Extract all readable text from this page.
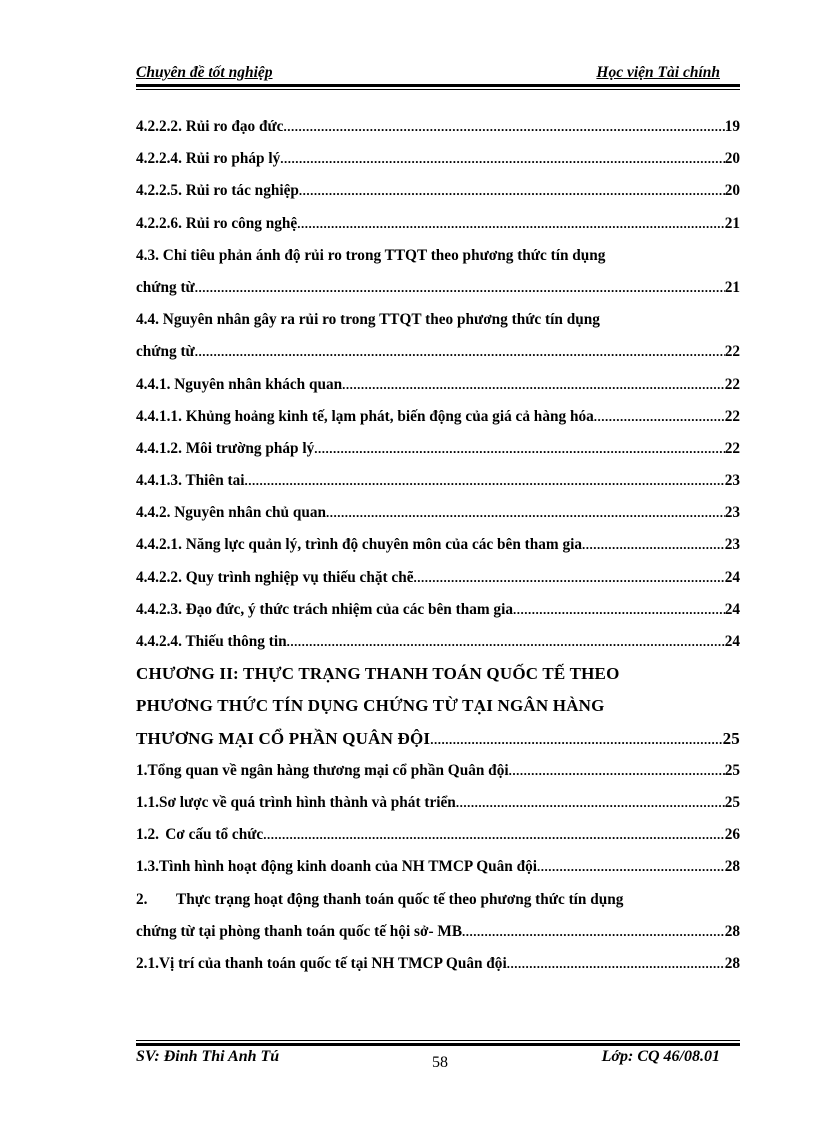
Chuyên đề tốt nghiệp	Học viện Tài chính
4.2.2.2. Rủi ro đạo đức .....	19
4.2.2.4. Rủi ro pháp lý .....	20
4.2.2.5. Rủi ro tác nghiệp .....	20
4.2.2.6. Rủi ro công nghệ .....	21
4.3. Chỉ tiêu phản ánh độ rủi ro trong TTQT theo phương thức tín dụng
chứng từ .....	21
4.4. Nguyên nhân gây ra rủi ro trong TTQT theo phương thức tín dụng
chứng từ .....	22
4.4.1. Nguyên nhân khách quan .....	22
4.4.1.1. Khủng hoảng kinh tế, lạm phát, biến động của giá cả hàng hóa .....	22
4.4.1.2. Môi trường pháp lý .....	22
4.4.1.3. Thiên tai .....	23
4.4.2. Nguyên nhân chủ quan .....	23
4.4.2.1. Năng lực quản lý, trình độ chuyên môn của các bên tham gia .....	23
4.4.2.2. Quy trình nghiệp vụ thiếu chặt chẽ .....	24
4.4.2.3. Đạo đức, ý thức trách nhiệm của các bên tham gia .....	24
4.4.2.4. Thiếu thông tin .....	24
CHƯƠNG II: THỰC TRẠNG THANH TOÁN QUỐC TẾ THEO
PHƯƠNG THỨC TÍN DỤNG CHỨNG TỪ TẠI NGÂN HÀNG
THƯƠNG MẠI CỔ PHẦN QUÂN ĐỘI .....	25
1. Tổng quan về ngân hàng thương mại cổ phần Quân đội .....	25
1.1. Sơ lược về quá trình hình thành và phát triển .....	25
1.2. Cơ cấu tổ chức .....	26
1.3. Tình hình hoạt động kinh doanh của NH TMCP Quân đội .....	28
2.	Thực trạng hoạt động thanh toán quốc tế theo phương thức tín dụng
chứng từ tại phòng thanh toán quốc tế hội sở- MB .....	28
2.1. Vị trí của thanh toán quốc tế tại NH TMCP Quân đội .....	28
SV: Đinh Thi Anh Tú	58	Lớp: CQ 46/08.01
